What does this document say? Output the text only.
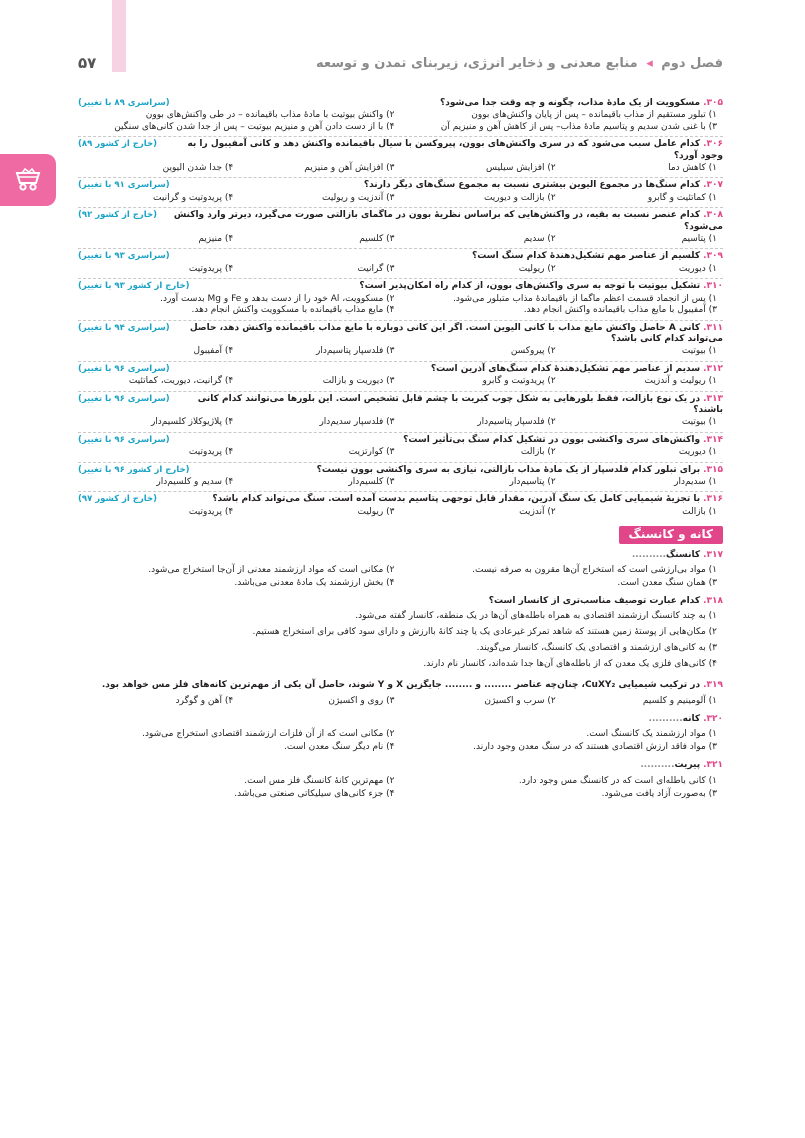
فصل دوم ◂ منابع معدنی و ذخایر انرژی، زیربنای تمدن و توسعه
۵۷
۳۰۵.مسکوویت از یک مادهٔ مذاب، چگونه و چه وقت جدا می‌شود؟
(سراسری ۸۹ با تغییر)
۱) تبلور مستقیم از مذاب باقیمانده – پس از پایان واکنش‌های بوون
۲) واکنش بیوتیت با مادهٔ مذاب باقیمانده – در طی واکنش‌های بوون
۳) با غنی شدن سدیم و پتاسیم مادهٔ مذاب– پس از کاهش آهن و منیزیم آن
۴) با از دست دادن آهن و منیزیم بیوتیت – پس از جدا شدن کانی‌های سنگین
۳۰۶.کدام عامل سبب می‌شود که در سری واکنش‌های بوون، پیروکسن با سیال باقیمانده واکنش دهد و کانی آمفیبول را به وجود آورد؟
(خارج از کشور ۸۹)
۱) کاهش دما
۲) افزایش سیلیس
۳) افزایش آهن و منیزیم
۴) جدا شدن الیوین
۳۰۷.کدام سنگ‌ها در مجموع الیوین بیشتری نسبت به مجموع سنگ‌های دیگر دارند؟
(سراسری ۹۱ با تغییر)
۱) کماتئیت و گابرو
۲) بازالت و دیوریت
۳) آندزیت و ریولیت
۴) پریدوتیت و گرانیت
۳۰۸.کدام عنصر نسبت به بقیه، در واکنش‌هایی که براساس نظریهٔ بوون در ماگمای بازالتی صورت می‌گیرد، دیرتر وارد واکنش می‌شود؟
(خارج از کشور ۹۲)
۱) پتاسیم
۲) سدیم
۳) کلسیم
۴) منیزیم
۳۰۹.کلسیم از عناصر مهم تشکیل‌دهندهٔ کدام سنگ است؟
(سراسری ۹۳ با تغییر)
۱) دیوریت
۲) ریولیت
۳) گرانیت
۴) پریدوتیت
۳۱۰.تشکیل بیوتیت با توجه به سری واکنش‌های بوون، از کدام راه امکان‌پذیر است؟
(خارج از کشور ۹۳ با تغییر)
۱) پس از انجماد قسمت اعظم ماگما از باقیماندهٔ مذاب متبلور می‌شود.
۲) مسکوویت، Al خود را از دست بدهد و Fe و Mg بدست آورد.
۳) آمفیبول با مایع مذاب باقیمانده واکنش انجام دهد.
۴) مایع مذاب باقیمانده با مسکوویت واکنش انجام دهد.
۳۱۱.کانی A حاصل واکنش مایع مذاب با کانی الیوین است. اگر این کانی دوباره با مایع مذاب باقیمانده واکنش دهد، حاصل می‌تواند کدام کانی باشد؟
(سراسری ۹۴ با تغییر)
۱) بیوتیت
۲) پیروکسن
۳) فلدسپار پتاسیم‌دار
۴) آمفیبول
۳۱۲.سدیم از عناصر مهم تشکیل‌دهندهٔ کدام سنگ‌های آذرین است؟
(سراسری ۹۶ با تغییر)
۱) ریولیت و آندزیت
۲) پریدوتیت و گابرو
۳) دیوریت و بازالت
۴) گرانیت، دیوریت، کماتئیت
۳۱۳.در یک نوع بازالت، فقط بلورهایی به شکل چوب کبریت با چشم قابل تشخیص است. این بلورها می‌توانند کدام کانی باشند؟
(سراسری ۹۶ با تغییر)
۱) بیوتیت
۲) فلدسپار پتاسیم‌دار
۳) فلدسپار سدیم‌دار
۴) پلاژیوکلاز کلسیم‌دار
۳۱۴.واکنش‌های سری واکنشی بوون در تشکیل کدام سنگ بی‌تأثیر است؟
(سراسری ۹۶ با تغییر)
۱) دیوریت
۲) بازالت
۳) کوارتزیت
۴) پریدوتیت
۳۱۵.برای تبلور کدام فلدسپار از یک مادهٔ مذاب بازالتی، نیازی به سری واکنشی بوون نیست؟
(خارج از کشور ۹۶ با تغییر)
۱) سدیم‌دار
۲) پتاسیم‌دار
۳) کلسیم‌دار
۴) سدیم و کلسیم‌دار
۳۱۶.با تجزیهٔ شیمیایی کامل یک سنگ آذرین، مقدار قابل توجهی پتاسیم بدست آمده است. سنگ می‌تواند کدام باشد؟
(خارج از کشور ۹۷)
۱) بازالت
۲) آندزیت
۳) ریولیت
۴) پریدوتیت
کانه و کانسنگ
۳۱۷.کانسنگ..........
۱) مواد بی‌ارزشی است که استخراج آن‌ها مقرون به صرفه نیست.
۲) مکانی است که مواد ارزشمند معدنی از آن‌جا استخراج می‌شود.
۳) همان سنگ معدن است.
۴) بخش ارزشمند یک مادهٔ معدنی می‌باشد.
۳۱۸.کدام عبارت توصیف مناسب‌تری از کانسار است؟
۱) به چند کانسنگ ارزشمند اقتصادی به همراه باطله‌های آن‌ها در یک منطقه، کانسار گفته می‌شود.
۲) مکان‌هایی از پوستهٔ زمین هستند که شاهد تمرکز غیرعادی یک یا چند کانهٔ باارزش و دارای سود کافی برای استخراج هستیم.
۳) به کانی‌های ارزشمند و اقتصادی یک کانسنگ، کانسار می‌گویند.
۴) کانی‌های فلزی یک معدن که از باطله‌های آن‌ها جدا شده‌اند، کانسار نام دارند.
۳۱۹.در ترکیب شیمیایی CuXY₂، چنان‌چه عناصر ........ و ........ جایگزین X و Y شوند، حاصل آن یکی از مهم‌ترین کانه‌های فلز مس خواهد بود.
۱) آلومینیم و کلسیم
۲) سرب و اکسیژن
۳) روی و اکسیژن
۴) آهن و گوگرد
۳۲۰.کانه..........
۱) مواد ارزشمند یک کانسنگ است.
۲) مکانی است که از آن فلزات ارزشمند اقتصادی استخراج می‌شود.
۳) مواد فاقد ارزش اقتصادی هستند که در سنگ معدن وجود دارند.
۴) نام دیگر سنگ معدن است.
۳۲۱.پیریت..........
۱) کانی باطله‌ای است که در کانسنگ مس وجود دارد.
۲) مهم‌ترین کانهٔ کانسنگ فلز مس است.
۳) به‌صورت آزاد یافت می‌شود.
۴) جزء کانی‌های سیلیکاتی صنعتی می‌باشد.
